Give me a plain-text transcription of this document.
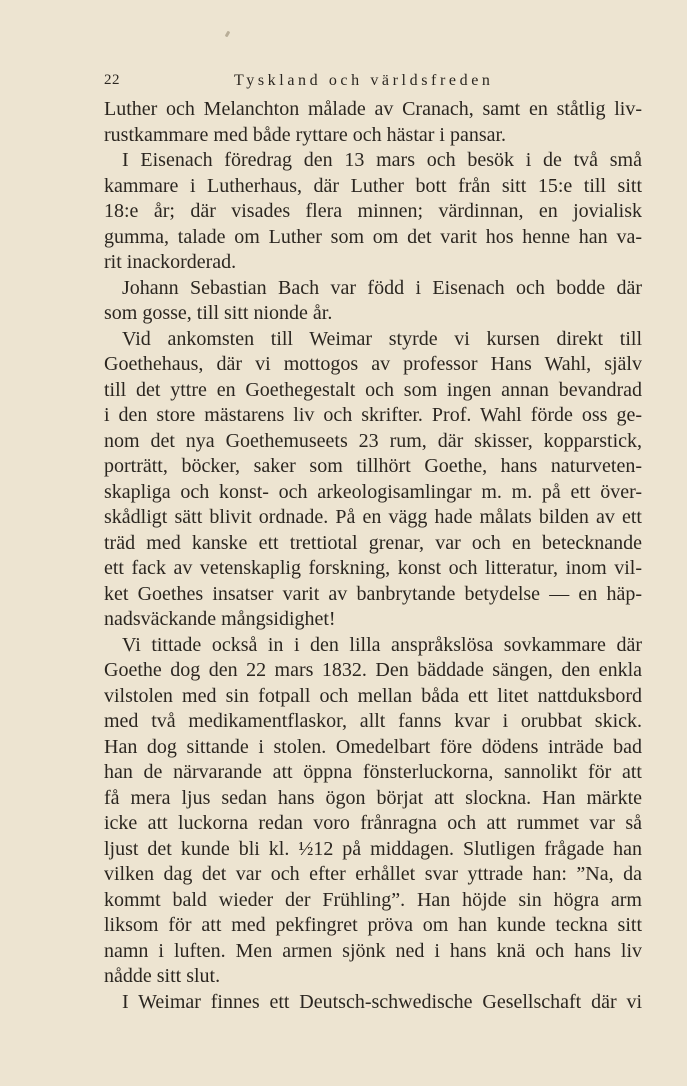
22	Tyskland och världsfreden
Luther och Melanchton målade av Cranach, samt en ståtlig liv-
rustkammare med både ryttare och hästar i pansar.
I Eisenach föredrag den 13 mars och besök i de två små
kammare i Lutherhaus, där Luther bott från sitt 15:e till sitt
18:e år; där visades flera minnen; värdinnan, en jovialisk
gumma, talade om Luther som om det varit hos henne han va-
rit inackorderad.
Johann Sebastian Bach var född i Eisenach och bodde där
som gosse, till sitt nionde år.
Vid ankomsten till Weimar styrde vi kursen direkt till
Goethehaus, där vi mottogos av professor Hans Wahl, själv
till det yttre en Goethegestalt och som ingen annan bevandrad
i den store mästarens liv och skrifter. Prof. Wahl förde oss ge-
nom det nya Goethemuseets 23 rum, där skisser, kopparstick,
porträtt, böcker, saker som tillhört Goethe, hans naturveten-
skapliga och konst- och arkeologisamlingar m. m. på ett över-
skådligt sätt blivit ordnade. På en vägg hade målats bilden av ett
träd med kanske ett trettiotal grenar, var och en betecknande
ett fack av vetenskaplig forskning, konst och litteratur, inom vil-
ket Goethes insatser varit av banbrytande betydelse — en häp-
nadsväckande mångsidighet!
Vi tittade också in i den lilla anspråkslösa sovkammare där
Goethe dog den 22 mars 1832. Den bäddade sängen, den enkla
vilstolen med sin fotpall och mellan båda ett litet nattduksbord
med två medikamentflaskor, allt fanns kvar i orubbat skick.
Han dog sittande i stolen. Omedelbart före dödens inträde bad
han de närvarande att öppna fönsterluckorna, sannolikt för att
få mera ljus sedan hans ögon börjat att slockna. Han märkte
icke att luckorna redan voro frånragna och att rummet var så
ljust det kunde bli kl. ½12 på middagen. Slutligen frågade han
vilken dag det var och efter erhållet svar yttrade han: ”Na, da
kommt bald wieder der Frühling”. Han höjde sin högra arm
liksom för att med pekfingret pröva om han kunde teckna sitt
namn i luften. Men armen sjönk ned i hans knä och hans liv
nådde sitt slut.
I Weimar finnes ett Deutsch-schwedische Gesellschaft där vi
